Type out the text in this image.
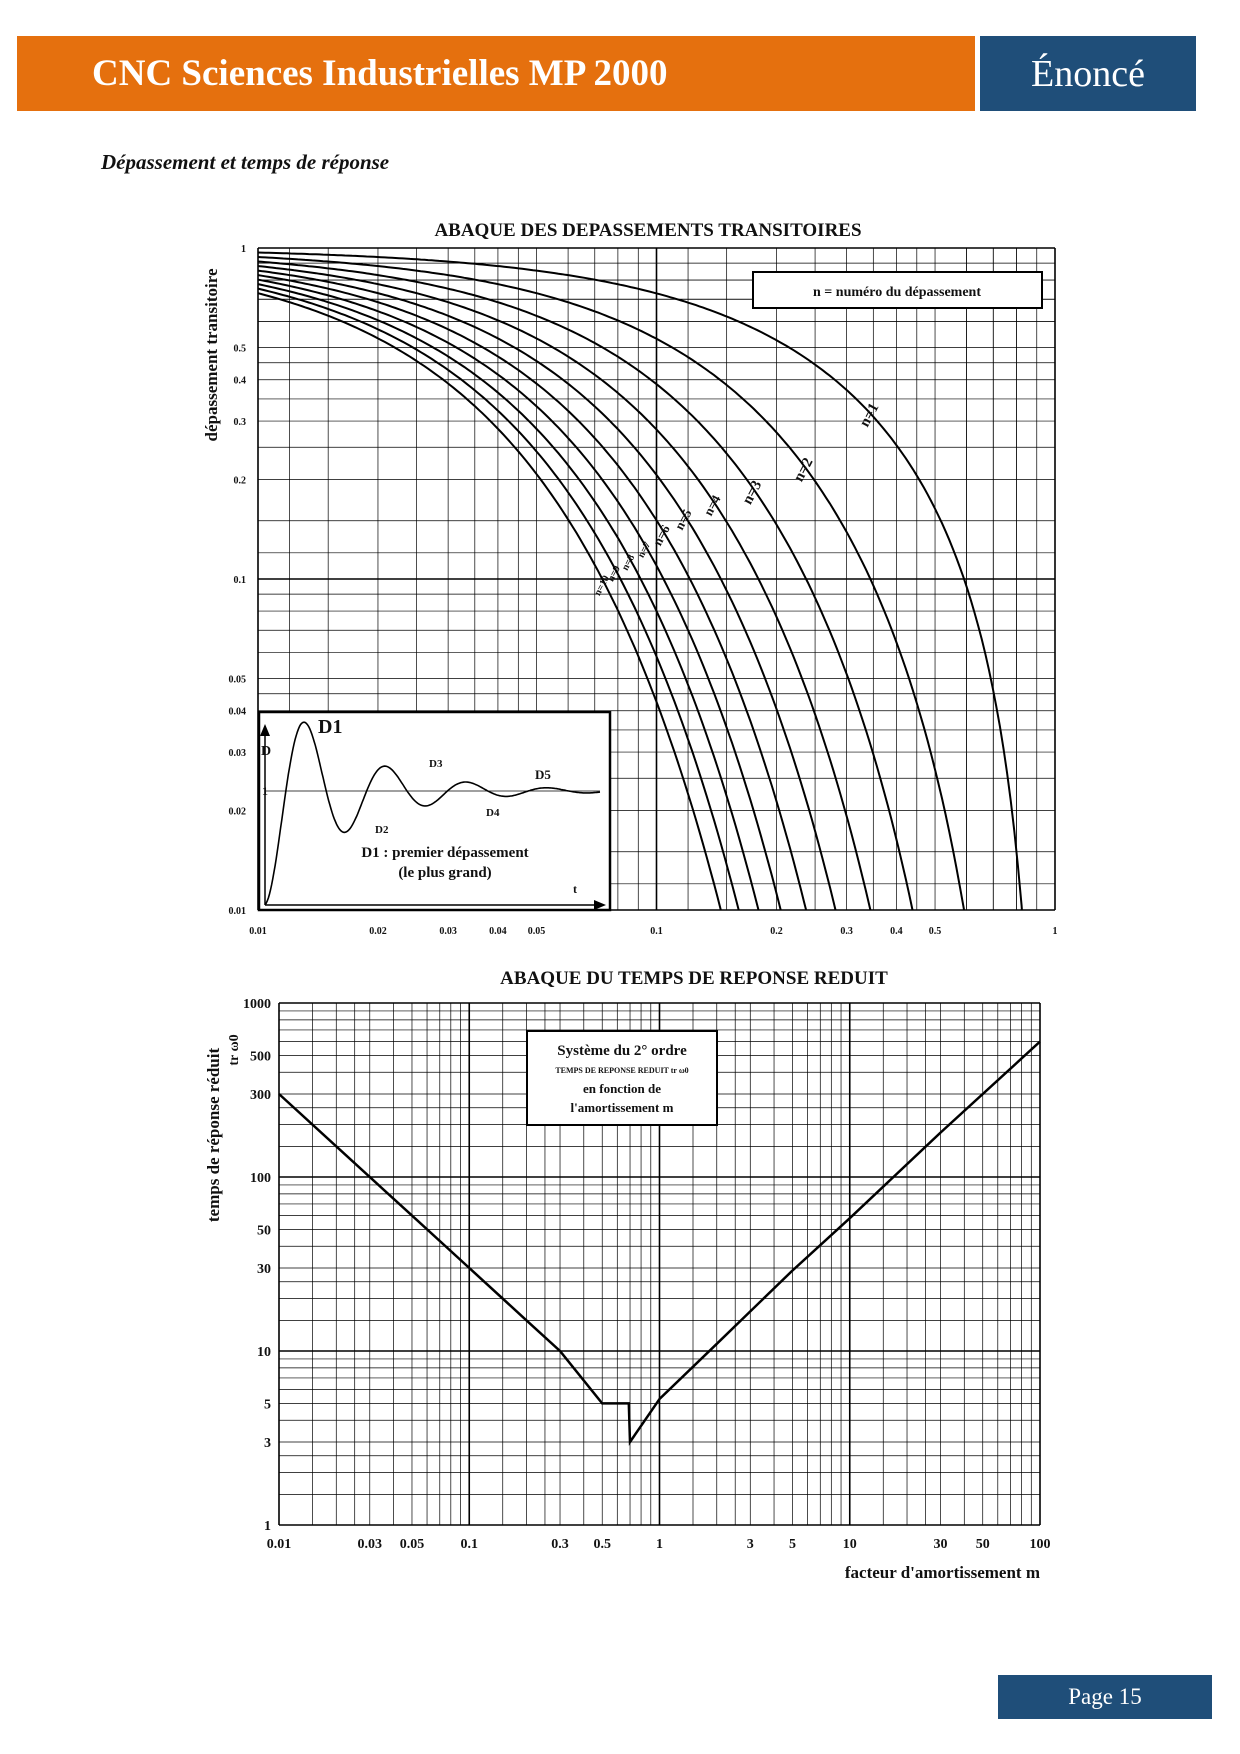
CNC Sciences Industrielles MP 2000	Énoncé
Dépassement et temps de réponse
ABAQUE DES DEPASSEMENTS TRANSITOIRES
dépassement transitoire
0.01	0.02	0.03	0.04 0.05	0.1	0.2	0.3	0.4	0.5	1
1
0.5
0.4
0.3
0.2
0.1
0.05
0.04
0.03
0.02
0.01
n = numéro du dépassement
n=1
n=2
n=3
n=4
n=5
n=6
n=7
n=8
n=9
n=10
D
1
t
D1
D2
D3
D4
D5
D1 : premier dépassement
(le plus grand)
ABAQUE DU TEMPS DE REPONSE REDUIT
temps de réponse réduit tr ω0
0.01	0.03 0.05	0.1	0.3 0.5	1	3	5	10	30 50	100
1000
500
300
100
50
30
10
5
3
1
Système du 2° ordre
TEMPS DE REPONSE REDUIT tr ω0
en fonction de
l'amortissement m
facteur d'amortissement m
Page 15
